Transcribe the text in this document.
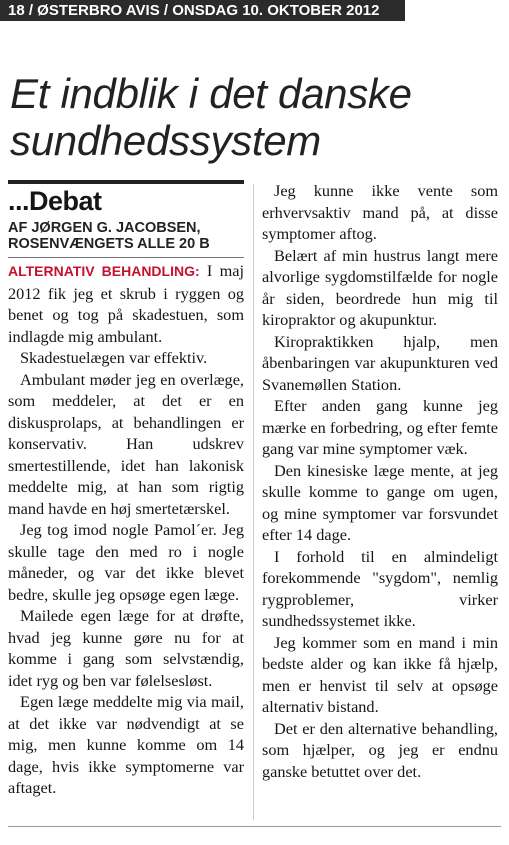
18 / ØSTERBRO AVIS / ONSDAG 10. OKTOBER 2012
Et indblik i det danske sundhedssystem
...Debat
AF JØRGEN G. JACOBSEN,
ROSENVÆNGETS ALLE 20 B

ALTERNATIV BEHANDLING: I maj 2012 fik jeg et skrub i ryggen og benet og tog på skadestuen, som indlagde mig ambulant.

Skadestuelægen var effektiv.

Ambulant møder jeg en overlæge, som meddeler, at det er en diskusprolaps, at behandlingen er konservativ. Han udskrev smertestillende, idet han lakonisk meddelte mig, at han som rigtig mand havde en høj smertetærskel.

Jeg tog imod nogle Pamol´er. Jeg skulle tage den med ro i nogle måneder, og var det ikke blevet bedre, skulle jeg opsøge egen læge.

Mailede egen læge for at drøfte, hvad jeg kunne gøre nu for at komme i gang som selvstændig, idet ryg og ben var følelsesløst.

Egen læge meddelte mig via mail, at det ikke var nødvendigt at se mig, men kunne komme om 14 dage, hvis ikke symptomerne var aftaget.

Jeg kunne ikke vente som erhvervsaktiv mand på, at disse symptomer aftog.

Belært af min hustrus langt mere alvorlige sygdomstilfælde for nogle år siden, beordrede hun mig til kiropraktor og akupunktur.

Kiropraktikken hjalp, men åbenbaringen var akupunkturen ved Svanemøllen Station.

Efter anden gang kunne jeg mærke en forbedring, og efter femte gang var mine symptomer væk.

Den kinesiske læge mente, at jeg skulle komme to gange om ugen, og mine symptomer var forsvundet efter 14 dage.

I forhold til en almindeligt forekommende "sygdom", nemlig rygproblemer, virker sundhedssystemet ikke.

Jeg kommer som en mand i min bedste alder og kan ikke få hjælp, men er henvist til selv at opsøge alternativ bistand.

Det er den alternative behandling, som hjælper, og jeg er endnu ganske betuttet over det.
